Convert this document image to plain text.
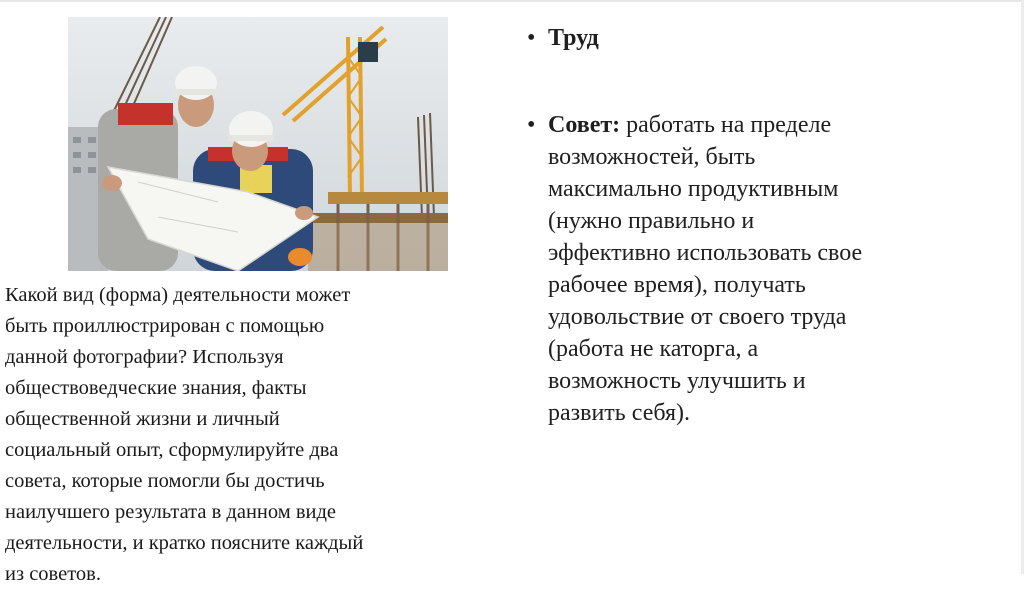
Какой вид (форма) деятельности может
быть проиллюстрирован с помощью
данной фотографии? Используя
обществоведческие знания, факты
общественной жизни и личный
социальный опыт, сформулируйте два
совета, которые помогли бы достичь
наилучшего результата в данном виде
деятельности, и кратко поясните каждый
из советов.
• Труд
• Совет: работать на пределе
возможностей, быть
максимально продуктивным
(нужно правильно и
эффективно использовать свое
рабочее время), получать
удовольствие от своего труда
(работа не каторга, а
возможность улучшить и
развить себя).
